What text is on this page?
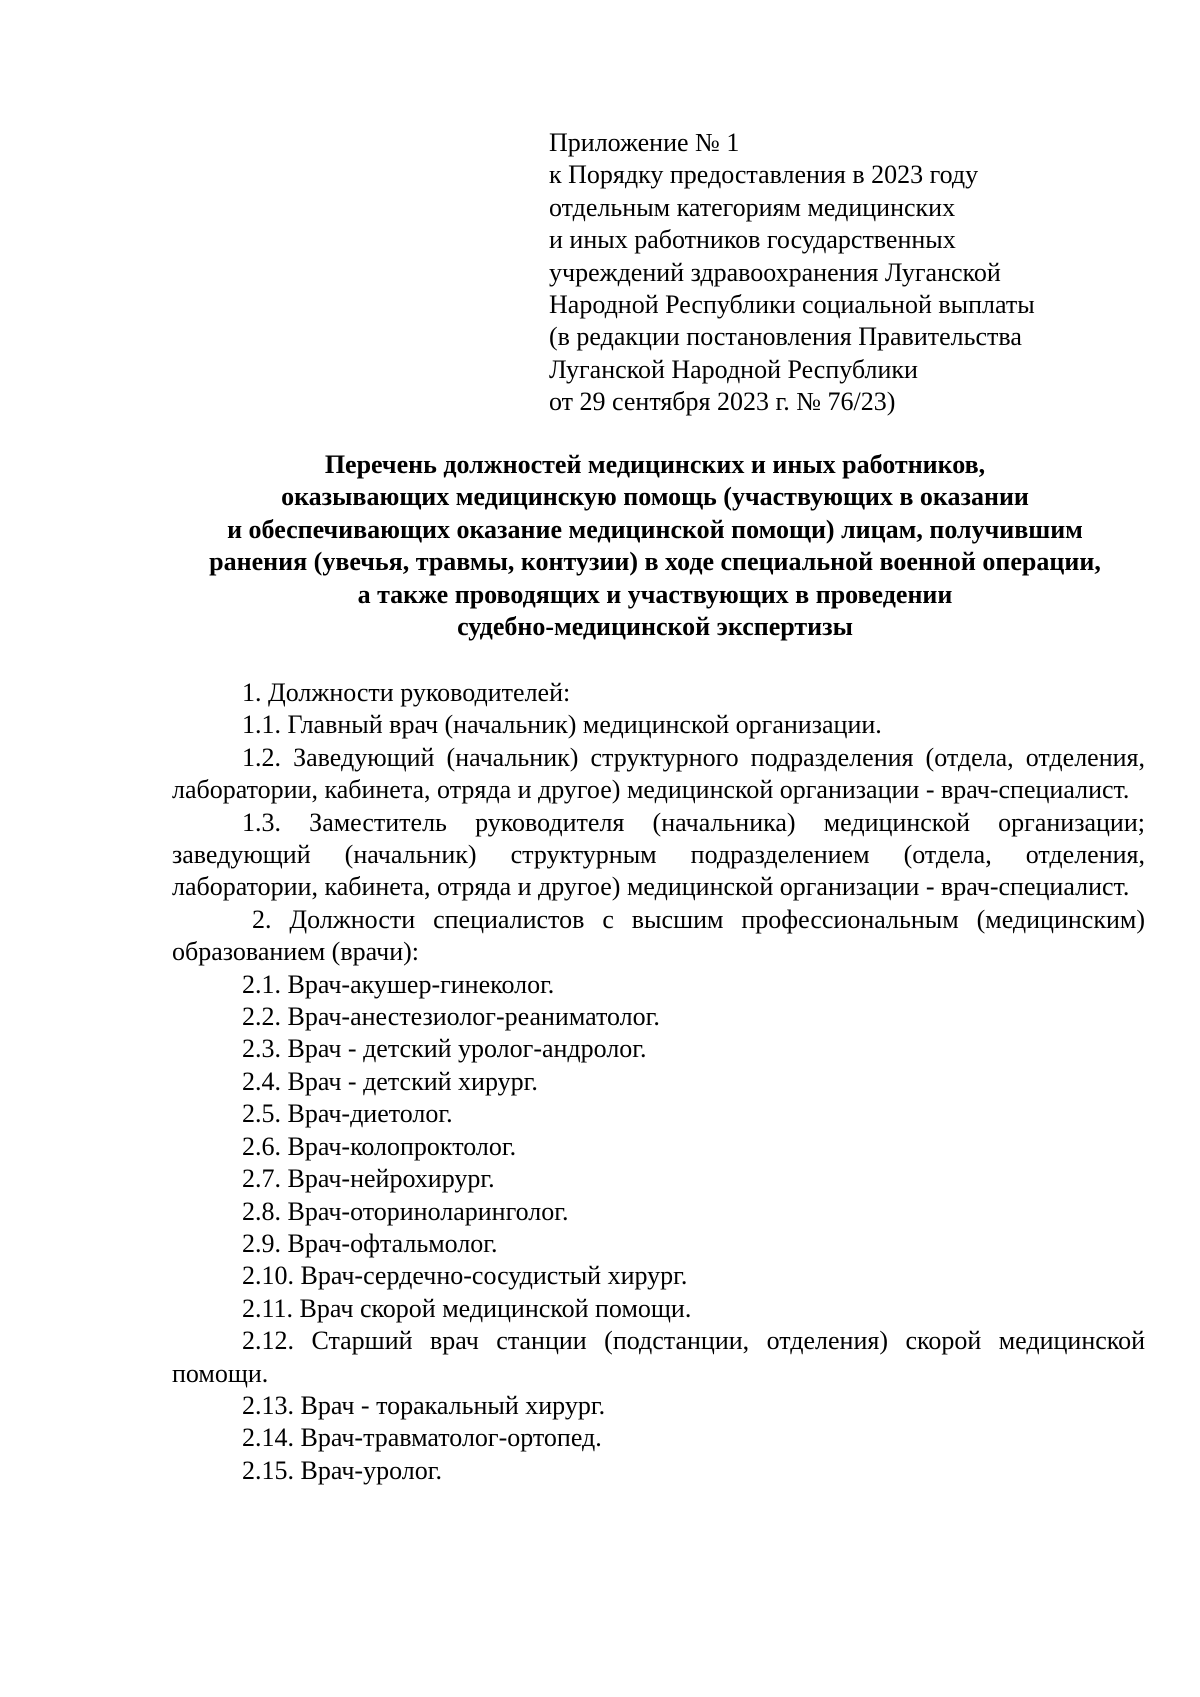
Приложение № 1
к Порядку предоставления в 2023 году
отдельным категориям медицинских
и иных работников государственных
учреждений здравоохранения Луганской
Народной Республики социальной выплаты
(в редакции постановления Правительства
Луганской Народной Республики
от 29 сентября 2023 г. № 76/23)
Перечень должностей медицинских и иных работников,
оказывающих медицинскую помощь (участвующих в оказании
и обеспечивающих оказание медицинской помощи) лицам, получившим
ранения (увечья, травмы, контузии) в ходе специальной военной операции,
а также проводящих и участвующих в проведении
судебно-медицинской экспертизы

1. Должности руководителей:

1.1. Главный врач (начальник) медицинской организации.

1.2. Заведующий (начальник) структурного подразделения (отдела, отделения, лаборатории, кабинета, отряда и другое) медицинской организации - врач-специалист.

1.3. Заместитель руководителя (начальника) медицинской организации; заведующий (начальник) структурным подразделением (отдела, отделения, лаборатории, кабинета, отряда и другое) медицинской организации - врач-специалист.

2. Должности специалистов с высшим профессиональным (медицинским) образованием (врачи):

2.1. Врач-акушер-гинеколог.

2.2. Врач-анестезиолог-реаниматолог.

2.3. Врач - детский уролог-андролог.

2.4. Врач - детский хирург.

2.5. Врач-диетолог.

2.6. Врач-колопроктолог.

2.7. Врач-нейрохирург.

2.8. Врач-оториноларинголог.

2.9. Врач-офтальмолог.

2.10. Врач-сердечно-сосудистый хирург.

2.11. Врач скорой медицинской помощи.

2.12. Старший врач станции (подстанции, отделения) скорой медицинской помощи.

2.13. Врач - торакальный хирург.

2.14. Врач-травматолог-ортопед.

2.15. Врач-уролог.
